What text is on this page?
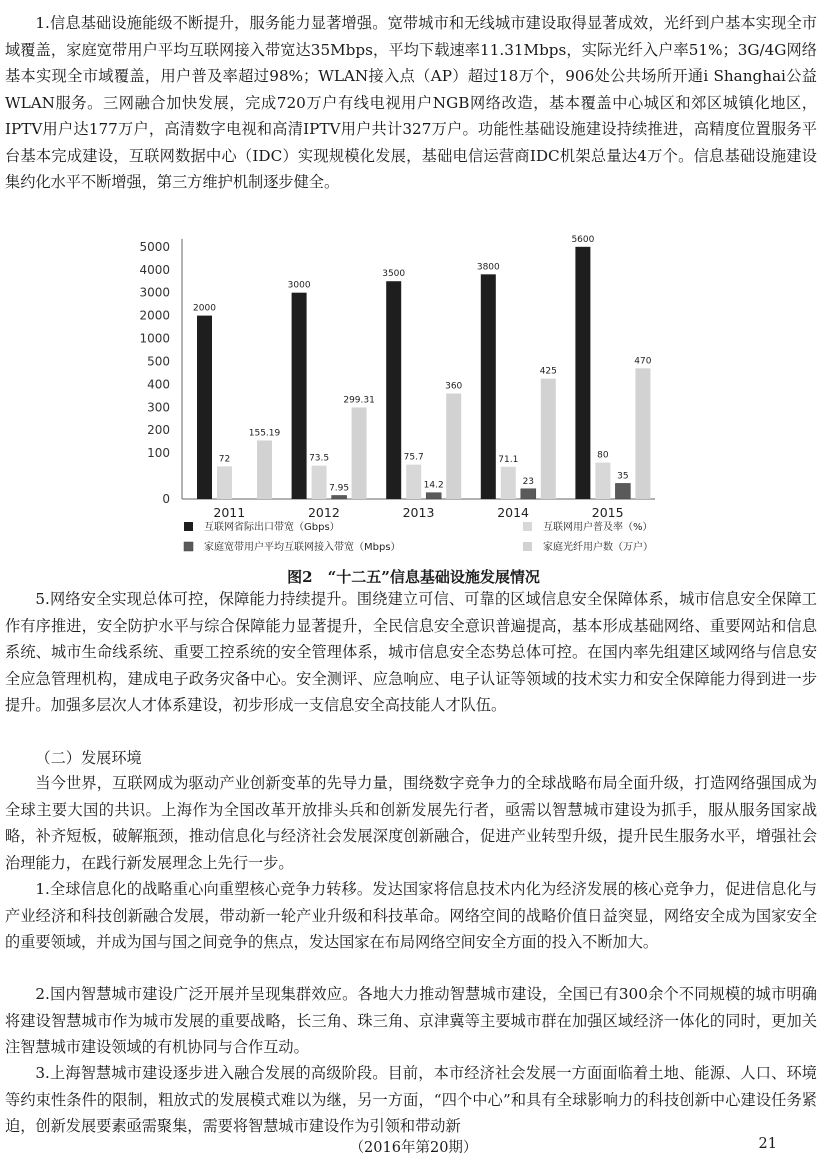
1.信息基础设施能级不断提升，服务能力显著增强。宽带城市和无线城市建设取得显著成效，光纤到户基本实现全市域覆盖，家庭宽带用户平均互联网接入带宽达35Mbps，平均下载速率11.31Mbps，实际光纤入户率51%；3G/4G网络基本实现全市域覆盖，用户普及率超过98%；WLAN接入点（AP）超过18万个，906处公共场所开通i Shanghai公益WLAN服务。三网融合加快发展，完成720万户有线电视用户NGB网络改造，基本覆盖中心城区和郊区城镇化地区，IPTV用户达177万户，高清数字电视和高清IPTV用户共计327万户。功能性基础设施建设持续推进，高精度位置服务平台基本完成建设，互联网数据中心（IDC）实现规模化发展，基础电信运营商IDC机架总量达4万个。信息基础设施建设集约化水平不断增强，第三方维护机制逐步健全。

0
100
200
300
400
500
1000
2000
3000
4000
5000
2011	2012	2013	2014	2015
2000
72
155.19
3000
73.5
7.95
299.31
3500
75.7
14.2
360
3800
71.1
23
425
5600
80
35
470
互联网省际出口带宽（Gbps）	互联网用户普及率（%）
家庭宽带用户平均互联网接入带宽（Mbps）	家庭光纤用户数（万户）
图2　“十二五”信息基础设施发展情况

5.网络安全实现总体可控，保障能力持续提升。围绕建立可信、可靠的区域信息安全保障体系，城市信息安全保障工作有序推进，安全防护水平与综合保障能力显著提升，全民信息安全意识普遍提高，基本形成基础网络、重要网站和信息系统、城市生命线系统、重要工控系统的安全管理体系，城市信息安全态势总体可控。在国内率先组建区域网络与信息安全应急管理机构，建成电子政务灾备中心。安全测评、应急响应、电子认证等领域的技术实力和安全保障能力得到进一步提升。加强多层次人才体系建设，初步形成一支信息安全高技能人才队伍。

（二）发展环境

当今世界，互联网成为驱动产业创新变革的先导力量，围绕数字竞争力的全球战略布局全面升级，打造网络强国成为全球主要大国的共识。上海作为全国改革开放排头兵和创新发展先行者，亟需以智慧城市建设为抓手，服从服务国家战略，补齐短板，破解瓶颈，推动信息化与经济社会发展深度创新融合，促进产业转型升级，提升民生服务水平，增强社会治理能力，在践行新发展理念上先行一步。

1.全球信息化的战略重心向重塑核心竞争力转移。发达国家将信息技术内化为经济发展的核心竞争力，促进信息化与产业经济和科技创新融合发展，带动新一轮产业升级和科技革命。网络空间的战略价值日益突显，网络安全成为国家安全的重要领域，并成为国与国之间竞争的焦点，发达国家在布局网络空间安全方面的投入不断加大。

2.国内智慧城市建设广泛开展并呈现集群效应。各地大力推动智慧城市建设，全国已有300余个不同规模的城市明确将建设智慧城市作为城市发展的重要战略，长三角、珠三角、京津冀等主要城市群在加强区域经济一体化的同时，更加关注智慧城市建设领域的有机协同与合作互动。

3.上海智慧城市建设逐步进入融合发展的高级阶段。目前，本市经济社会发展一方面面临着土地、能源、人口、环境等约束性条件的限制，粗放式的发展模式难以为继，另一方面，“四个中心”和具有全球影响力的科技创新中心建设任务紧迫，创新发展要素亟需聚集，需要将智慧城市建设作为引领和带动新

（2016年第20期）	21
